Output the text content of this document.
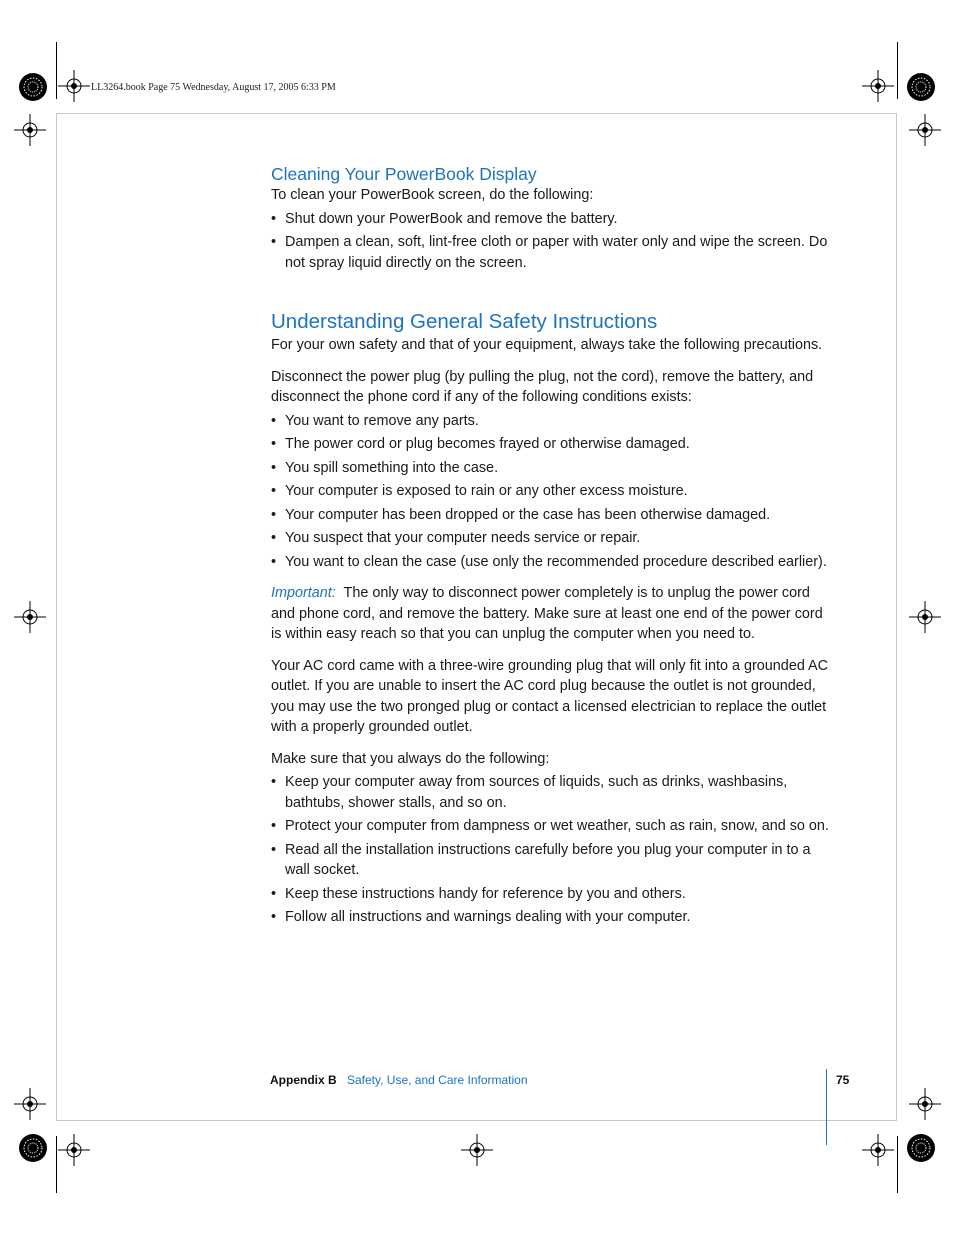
LL3264.book Page 75 Wednesday, August 17, 2005 6:33 PM
Cleaning Your PowerBook Display

To clean your PowerBook screen, do the following:

• Shut down your PowerBook and remove the battery.
• Dampen a clean, soft, lint-free cloth or paper with water only and wipe the screen. Do not spray liquid directly on the screen.
Understanding General Safety Instructions

For your own safety and that of your equipment, always take the following precautions.

Disconnect the power plug (by pulling the plug, not the cord), remove the battery, and disconnect the phone cord if any of the following conditions exists:

• You want to remove any parts.
• The power cord or plug becomes frayed or otherwise damaged.
• You spill something into the case.
• Your computer is exposed to rain or any other excess moisture.
• Your computer has been dropped or the case has been otherwise damaged.
• You suspect that your computer needs service or repair.
• You want to clean the case (use only the recommended procedure described earlier).

Important: The only way to disconnect power completely is to unplug the power cord and phone cord, and remove the battery. Make sure at least one end of the power cord is within easy reach so that you can unplug the computer when you need to.

Your AC cord came with a three-wire grounding plug that will only fit into a grounded AC outlet. If you are unable to insert the AC cord plug because the outlet is not grounded, you may use the two pronged plug or contact a licensed electrician to replace the outlet with a properly grounded outlet.

Make sure that you always do the following:

• Keep your computer away from sources of liquids, such as drinks, washbasins, bathtubs, shower stalls, and so on.
• Protect your computer from dampness or wet weather, such as rain, snow, and so on.
• Read all the installation instructions carefully before you plug your computer in to a wall socket.
• Keep these instructions handy for reference by you and others.
• Follow all instructions and warnings dealing with your computer.
Appendix B Safety, Use, and Care Information	75
